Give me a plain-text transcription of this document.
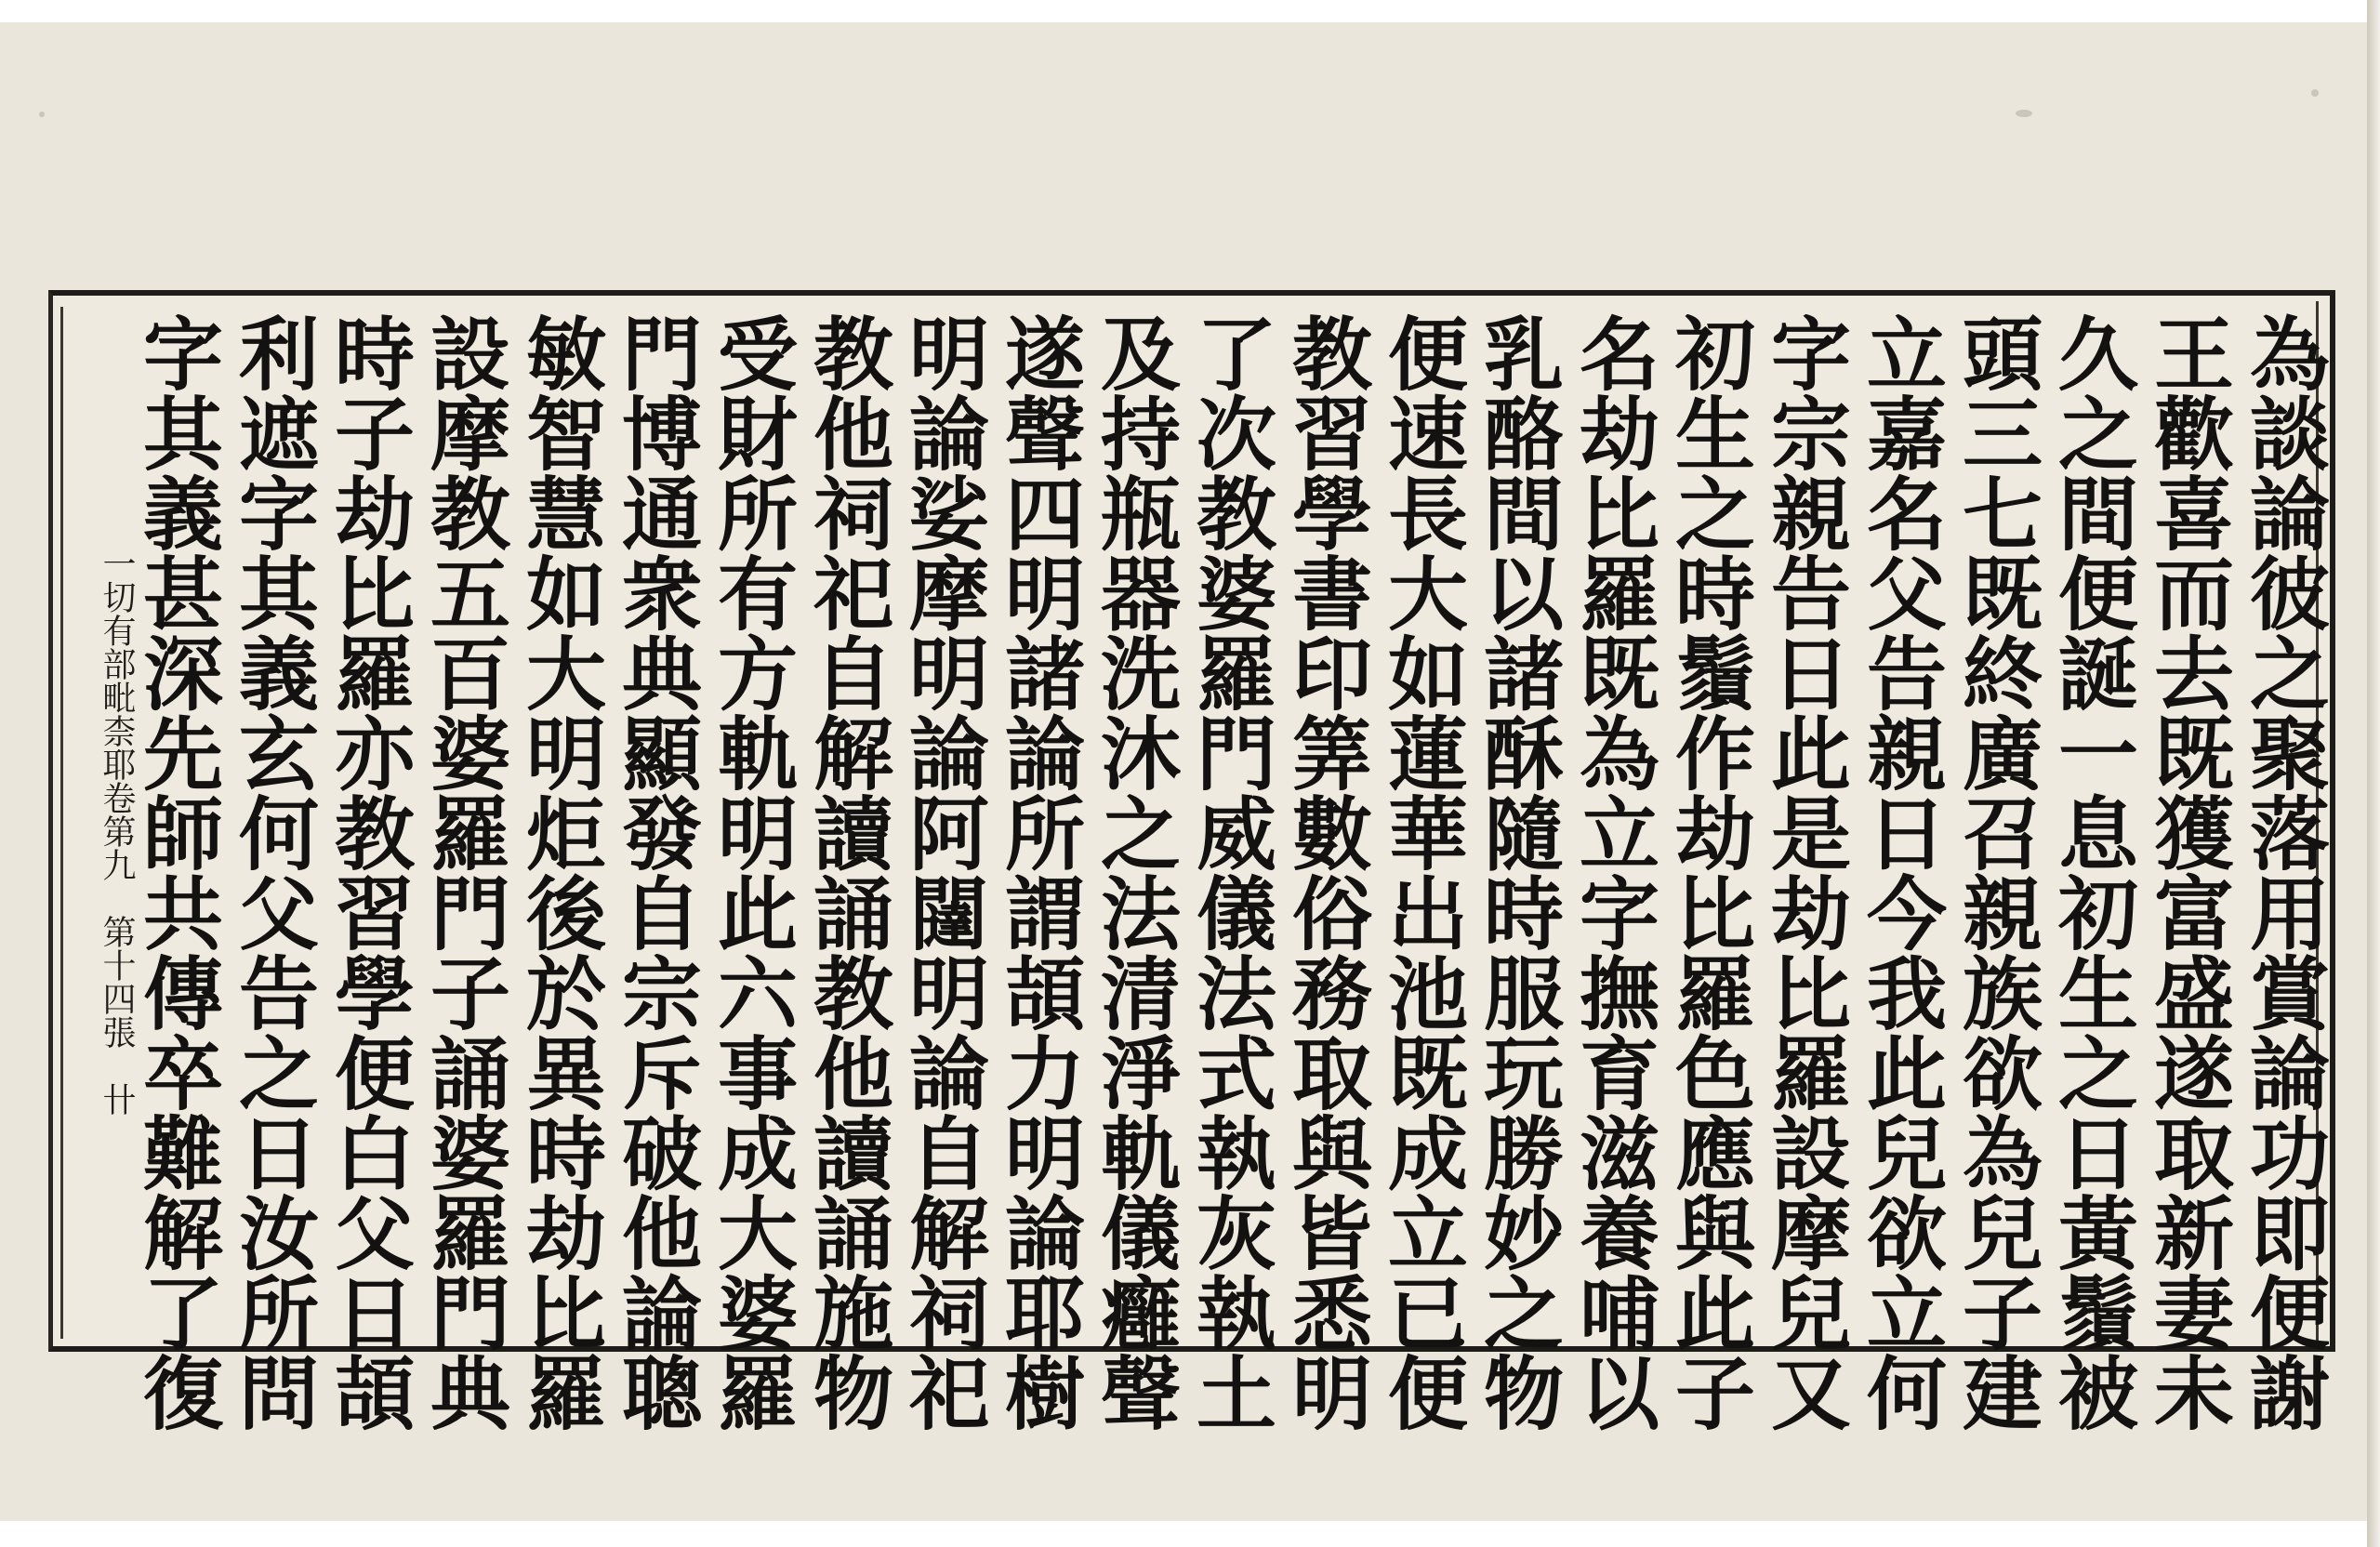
為談論彼之聚落用賞論功即便謝
王歡喜而去既獲富盛遂取新妻未
久之間便誕一息初生之日黃鬚被
頭三七既終廣召親族欲為兒子建
立嘉名父告親日今我此兒欲立何
字宗親告日此是劫比羅設摩兒又
初生之時鬚作劫比羅色應與此子
名劫比羅既為立字撫育滋養哺以
乳酪間以諸酥隨時服玩勝妙之物
便速長大如蓮華出池既成立已便
教習學書印筭數俗務取與皆悉明
了次教婆羅門威儀法式執灰執土
及持瓶器洗沐之法清淨軌儀癰聲
遂聲四明諸論所謂頡力明論耶樹
明論娑摩明論阿闥明論自解祠祀
教他祠祀自解讀誦教他讀誦施物
受財所有方軌明此六事成大婆羅
門博通衆典顯發自宗斥破他論聰
敏智慧如大明炬後於異時劫比羅
設摩教五百婆羅門子誦婆羅門典
時子劫比羅亦教習學便白父日頡
利遮字其義玄何父告之日汝所問
字其義甚深先師共傳卒難解了復
一切有部毗柰耶卷第九　第十四張　卄
